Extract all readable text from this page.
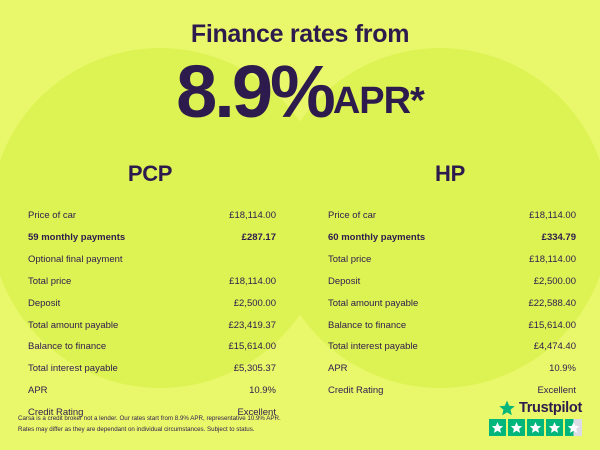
Finance rates from
8.9%APR*
PCP
Price of car	£18,114.00
59 monthly payments	£287.17
Optional final payment
Total price	£18,114.00
Deposit	£2,500.00
Total amount payable	£23,419.37
Balance to finance	£15,614.00
Total interest payable	£5,305.37
APR	10.9%
Credit Rating	Excellent
HP
Price of car	£18,114.00
60 monthly payments	£334.79
Total price	£18,114.00
Deposit	£2,500.00
Total amount payable	£22,588.40
Balance to finance	£15,614.00
Total interest payable	£4,474.40
APR	10.9%
Credit Rating	Excellent
Carsa is a credit broker not a lender. Our rates start from 8.9% APR, representative 10.9% APR.
Rates may differ as they are dependant on individual circumstances. Subject to status.
Trustpilot
